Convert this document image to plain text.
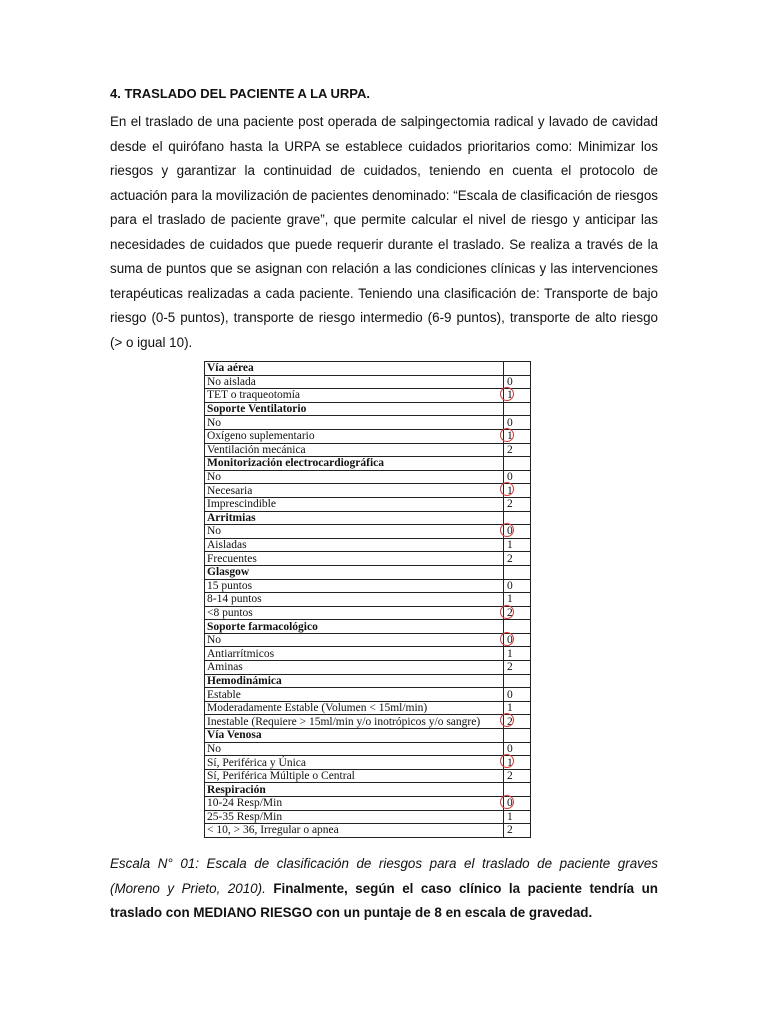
4. TRASLADO DEL PACIENTE A LA URPA.

En el traslado de una paciente post operada de salpingectomia radical y lavado de cavidad desde el quirófano hasta la URPA se establece cuidados prioritarios como: Minimizar los riesgos y garantizar la continuidad de cuidados, teniendo en cuenta el protocolo de actuación para la movilización de pacientes denominado: “Escala de clasificación de riesgos para el traslado de paciente grave”, que permite calcular el nivel de riesgo y anticipar las necesidades de cuidados que puede requerir durante el traslado. Se realiza a través de la suma de puntos que se asignan con relación a las condiciones clínicas y las intervenciones terapéuticas realizadas a cada paciente. Teniendo una clasificación de: Transporte de bajo riesgo (0-5 puntos), transporte de riesgo intermedio (6-9 puntos), transporte de alto riesgo (> o igual 10).

Vía aérea	
No aislada	0
TET o traqueotomía	1

Soporte Ventilatorio	
No	0
Oxígeno suplementario	1

Ventilación mecánica	2
Monitorización electrocardiográfica	
No	0
Necesaria	1

Imprescindible	2
Arritmias	
No	0

Aisladas	1
Frecuentes	2
Glasgow	
15 puntos	0
8-14 puntos	1
<8 puntos	2

Soporte farmacológico	
No	0

Antiarrítmicos	1
Aminas	2
Hemodinámica	
Estable	0
Moderadamente Estable (Volumen < 15ml/min)	1
Inestable (Requiere > 15ml/min y/o inotrópicos y/o sangre)	2

Vía Venosa	
No	0
Sí, Periférica y Única	1

Sí, Periférica Múltiple o Central	2
Respiración	
10-24 Resp/Min	0

25-35 Resp/Min	1
< 10, > 36, Irregular o apnea	2

Escala N° 01: Escala de clasificación de riesgos para el traslado de paciente graves (Moreno y Prieto, 2010). Finalmente, según el caso clínico la paciente tendría un traslado con MEDIANO RIESGO con un puntaje de 8 en escala de gravedad.
